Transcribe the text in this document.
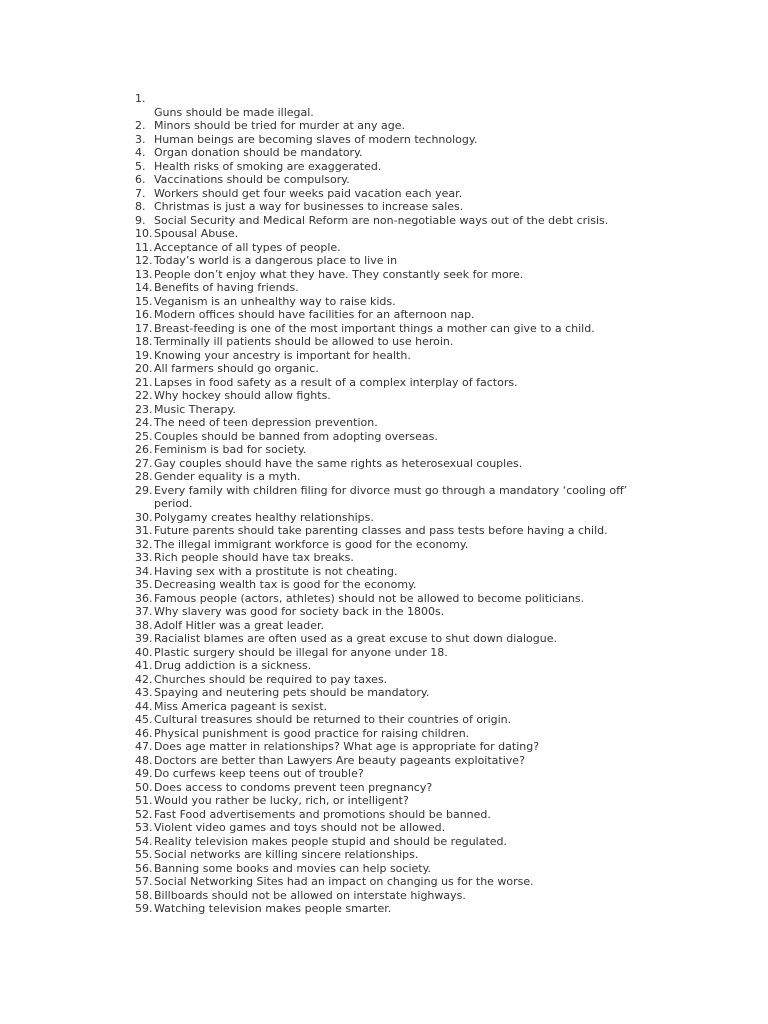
1.
Guns should be made illegal.
2. Minors should be tried for murder at any age.
3. Human beings are becoming slaves of modern technology.
4. Organ donation should be mandatory.
5. Health risks of smoking are exaggerated.
6. Vaccinations should be compulsory.
7. Workers should get four weeks paid vacation each year.
8. Christmas is just a way for businesses to increase sales.
9. Social Security and Medical Reform are non-negotiable ways out of the debt crisis.
10. Spousal Abuse.
11. Acceptance of all types of people.
12. Today’s world is a dangerous place to live in
13. People don’t enjoy what they have. They constantly seek for more.
14. Benefits of having friends.
15. Veganism is an unhealthy way to raise kids.
16. Modern offices should have facilities for an afternoon nap.
17. Breast-feeding is one of the most important things a mother can give to a child.
18. Terminally ill patients should be allowed to use heroin.
19. Knowing your ancestry is important for health.
20. All farmers should go organic.
21. Lapses in food safety as a result of a complex interplay of factors.
22. Why hockey should allow fights.
23. Music Therapy.
24. The need of teen depression prevention.
25. Couples should be banned from adopting overseas.
26. Feminism is bad for society.
27. Gay couples should have the same rights as heterosexual couples.
28. Gender equality is a myth.
29. Every family with children filing for divorce must go through a mandatory ‘cooling off’ period.
30. Polygamy creates healthy relationships.
31. Future parents should take parenting classes and pass tests before having a child.
32. The illegal immigrant workforce is good for the economy.
33. Rich people should have tax breaks.
34. Having sex with a prostitute is not cheating.
35. Decreasing wealth tax is good for the economy.
36. Famous people (actors, athletes) should not be allowed to become politicians.
37. Why slavery was good for society back in the 1800s.
38. Adolf Hitler was a great leader.
39. Racialist blames are often used as a great excuse to shut down dialogue.
40. Plastic surgery should be illegal for anyone under 18.
41. Drug addiction is a sickness.
42. Churches should be required to pay taxes.
43. Spaying and neutering pets should be mandatory.
44. Miss America pageant is sexist.
45. Cultural treasures should be returned to their countries of origin.
46. Physical punishment is good practice for raising children.
47. Does age matter in relationships? What age is appropriate for dating?
48. Doctors are better than Lawyers Are beauty pageants exploitative?
49. Do curfews keep teens out of trouble?
50. Does access to condoms prevent teen pregnancy?
51. Would you rather be lucky, rich, or intelligent?
52. Fast Food advertisements and promotions should be banned.
53. Violent video games and toys should not be allowed.
54. Reality television makes people stupid and should be regulated.
55. Social networks are killing sincere relationships.
56. Banning some books and movies can help society.
57. Social Networking Sites had an impact on changing us for the worse.
58. Billboards should not be allowed on interstate highways.
59. Watching television makes people smarter.
